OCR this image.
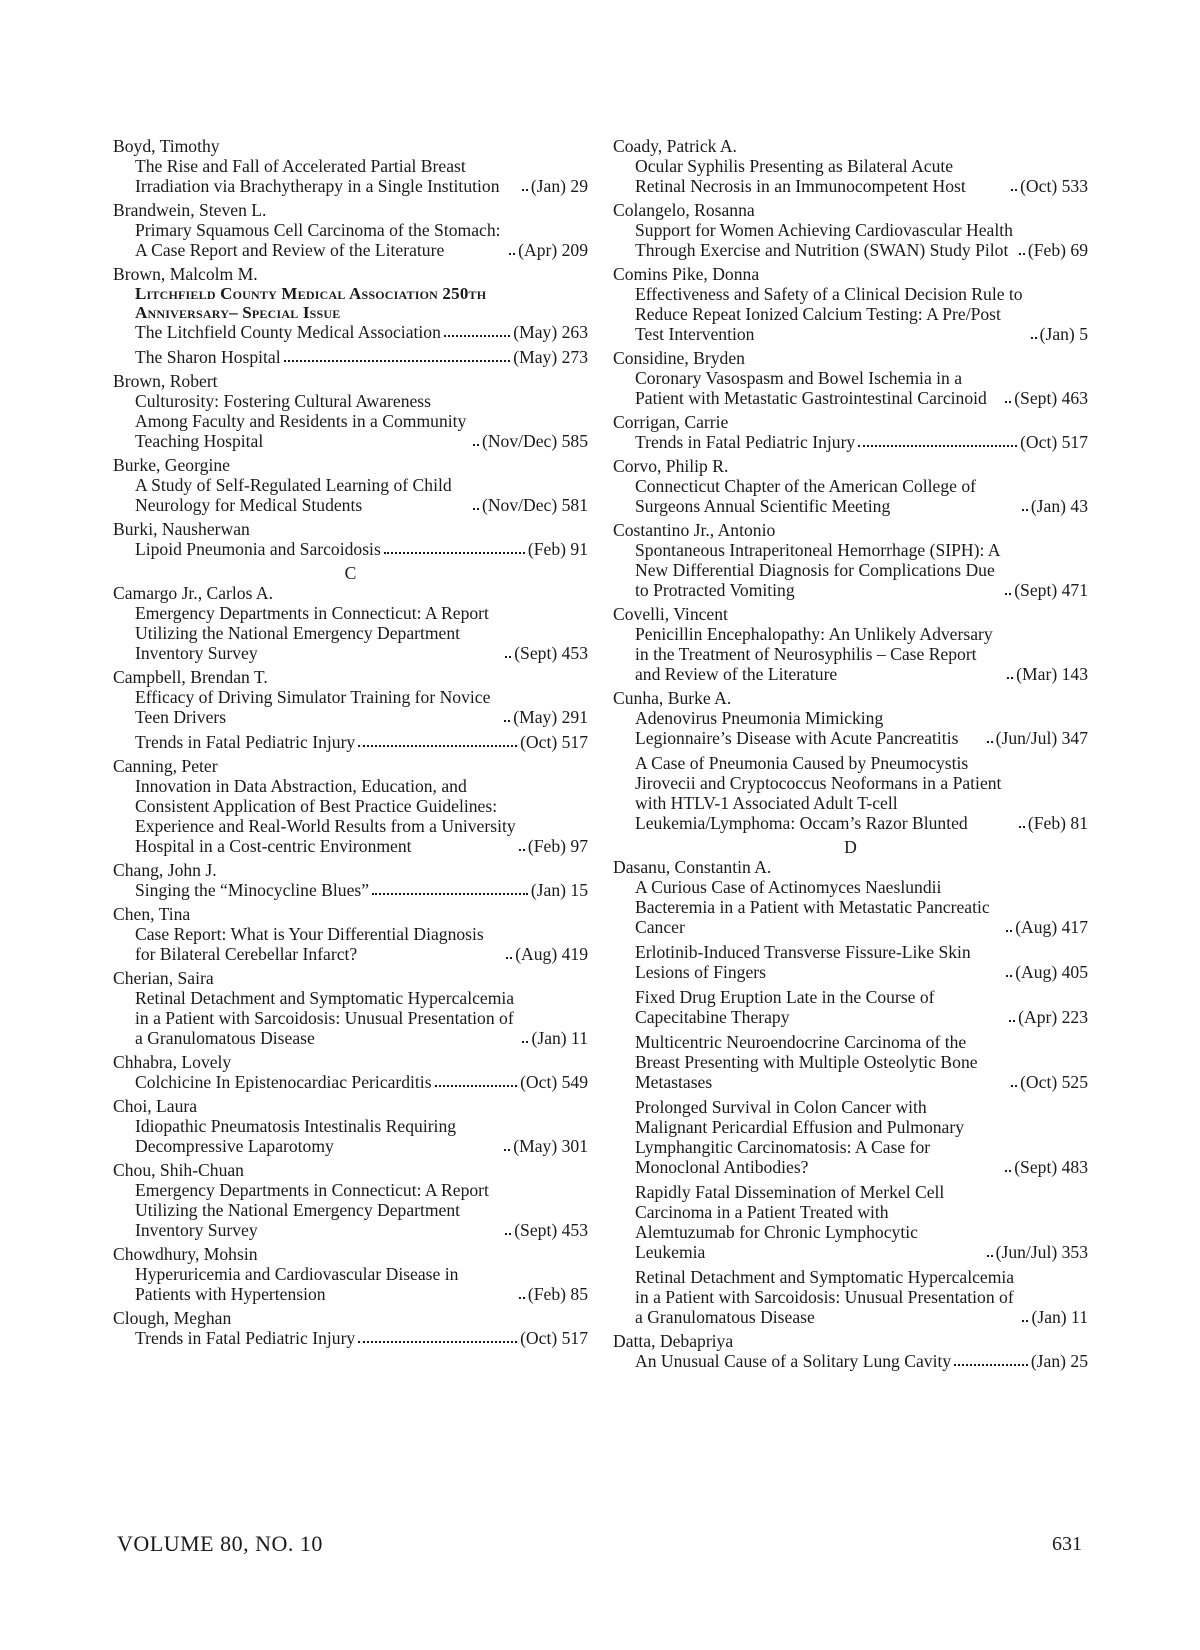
Boyd, Timothy
The Rise and Fall of Accelerated Partial Breast Irradiation via Brachytherapy in a Single Institution	(Jan) 29
Brandwein, Steven L.
Primary Squamous Cell Carcinoma of the Stomach: A Case Report and Review of the Literature	(Apr) 209
Brown, Malcolm M.
Litchfield County Medical Association 250th Anniversary– Special Issue
The Litchfield County Medical Association	(May) 263
The Sharon Hospital	(May) 273
Brown, Robert
Culturosity: Fostering Cultural Awareness Among Faculty and Residents in a Community Teaching Hospital	(Nov/Dec) 585
Burke, Georgine
A Study of Self-Regulated Learning of Child Neurology for Medical Students	(Nov/Dec) 581
Burki, Nausherwan
Lipoid Pneumonia and Sarcoidosis	(Feb) 91
C
Camargo Jr., Carlos A.
Emergency Departments in Connecticut: A Report Utilizing the National Emergency Department Inventory Survey	(Sept) 453
Campbell, Brendan T.
Efficacy of Driving Simulator Training for Novice Teen Drivers	(May) 291
Trends in Fatal Pediatric Injury	(Oct) 517
Canning, Peter
Innovation in Data Abstraction, Education, and Consistent Application of Best Practice Guidelines: Experience and Real-World Results from a University Hospital in a Cost-centric Environment	(Feb) 97
Chang, John J.
Singing the “Minocycline Blues”	(Jan) 15
Chen, Tina
Case Report: What is Your Differential Diagnosis for Bilateral Cerebellar Infarct?	(Aug) 419
Cherian, Saira
Retinal Detachment and Symptomatic Hypercalcemia in a Patient with Sarcoidosis: Unusual Presentation of a Granulomatous Disease	(Jan) 11
Chhabra, Lovely
Colchicine In Epistenocardiac Pericarditis	(Oct) 549
Choi, Laura
Idiopathic Pneumatosis Intestinalis Requiring Decompressive Laparotomy	(May) 301
Chou, Shih-Chuan
Emergency Departments in Connecticut: A Report Utilizing the National Emergency Department Inventory Survey	(Sept) 453
Chowdhury, Mohsin
Hyperuricemia and Cardiovascular Disease in Patients with Hypertension	(Feb) 85
Clough, Meghan
Trends in Fatal Pediatric Injury	(Oct) 517
Coady, Patrick A.
Ocular Syphilis Presenting as Bilateral Acute Retinal Necrosis in an Immunocompetent Host	(Oct) 533
Colangelo, Rosanna
Support for Women Achieving Cardiovascular Health Through Exercise and Nutrition (SWAN) Study Pilot	(Feb) 69
Comins Pike, Donna
Effectiveness and Safety of a Clinical Decision Rule to Reduce Repeat Ionized Calcium Testing: A Pre/Post Test Intervention	(Jan) 5
Considine, Bryden
Coronary Vasospasm and Bowel Ischemia in a Patient with Metastatic Gastrointestinal Carcinoid	(Sept) 463
Corrigan, Carrie
Trends in Fatal Pediatric Injury	(Oct) 517
Corvo, Philip R.
Connecticut Chapter of the American College of Surgeons Annual Scientific Meeting	(Jan) 43
Costantino Jr., Antonio
Spontaneous Intraperitoneal Hemorrhage (SIPH): A New Differential Diagnosis for Complications Due to Protracted Vomiting	(Sept) 471
Covelli, Vincent
Penicillin Encephalopathy: An Unlikely Adversary in the Treatment of Neurosyphilis – Case Report and Review of the Literature	(Mar) 143
Cunha, Burke A.
Adenovirus Pneumonia Mimicking Legionnaire’s Disease with Acute Pancreatitis	(Jun/Jul) 347
A Case of Pneumonia Caused by Pneumocystis Jirovecii and Cryptococcus Neoformans in a Patient with HTLV-1 Associated Adult T-cell Leukemia/Lymphoma: Occam’s Razor Blunted	(Feb) 81
D
Dasanu, Constantin A.
A Curious Case of Actinomyces Naeslundii Bacteremia in a Patient with Metastatic Pancreatic Cancer	(Aug) 417
Erlotinib-Induced Transverse Fissure-Like Skin Lesions of Fingers	(Aug) 405
Fixed Drug Eruption Late in the Course of Capecitabine Therapy	(Apr) 223
Multicentric Neuroendocrine Carcinoma of the Breast Presenting with Multiple Osteolytic Bone Metastases	(Oct) 525
Prolonged Survival in Colon Cancer with Malignant Pericardial Effusion and Pulmonary Lymphangitic Carcinomatosis: A Case for Monoclonal Antibodies?	(Sept) 483
Rapidly Fatal Dissemination of Merkel Cell Carcinoma in a Patient Treated with Alemtuzumab for Chronic Lymphocytic Leukemia	(Jun/Jul) 353
Retinal Detachment and Symptomatic Hypercalcemia in a Patient with Sarcoidosis: Unusual Presentation of a Granulomatous Disease	(Jan) 11
Datta, Debapriya
An Unusual Cause of a Solitary Lung Cavity	(Jan) 25
VOLUME 80, NO. 10	631
